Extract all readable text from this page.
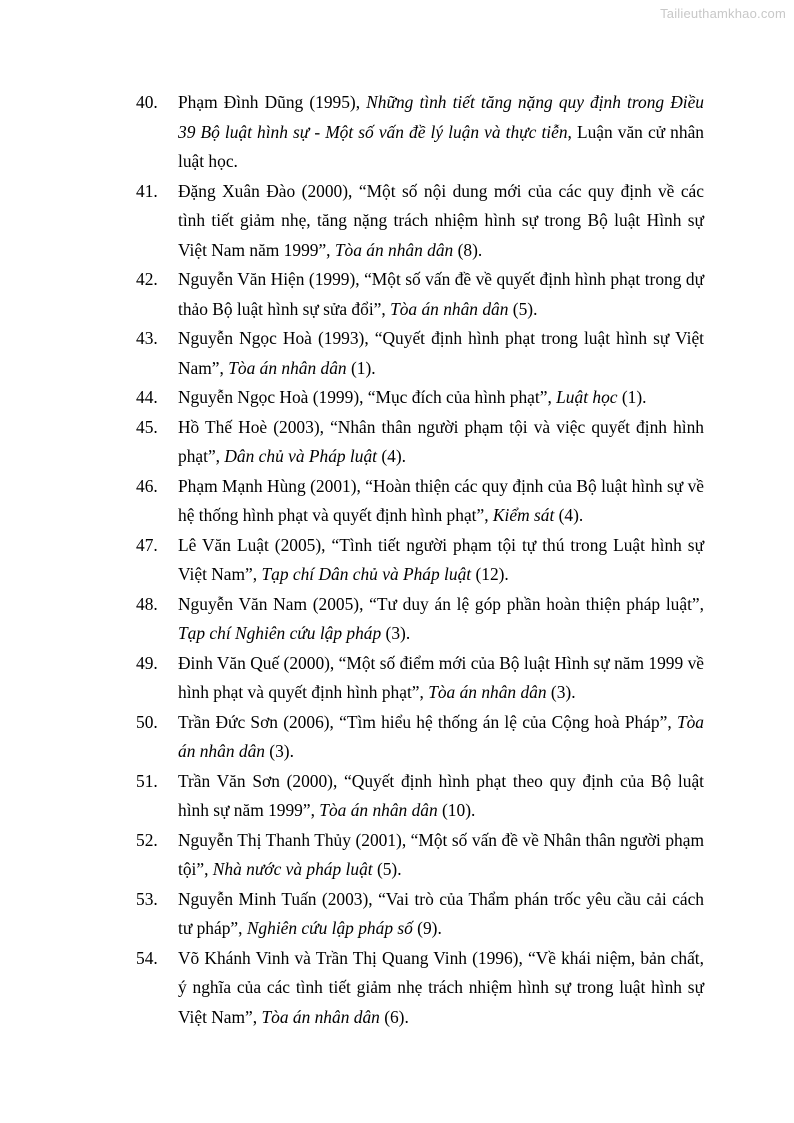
Tailieuthamkhao.com
40.	Phạm Đình Dũng (1995), Những tình tiết tăng nặng quy định trong Điều 39 Bộ luật hình sự - Một số vấn đề lý luận và thực tiễn, Luận văn cử nhân luật học.
41.	Đặng Xuân Đào (2000), “Một số nội dung mới của các quy định về các tình tiết giảm nhẹ, tăng nặng trách nhiệm hình sự trong Bộ luật Hình sự Việt Nam năm 1999”, Tòa án nhân dân (8).
42.	Nguyễn Văn Hiện (1999), “Một số vấn đề về quyết định hình phạt trong dự thảo Bộ luật hình sự sửa đổi”, Tòa án nhân dân (5).
43.	Nguyễn Ngọc Hoà (1993), “Quyết định hình phạt trong luật hình sự Việt Nam”, Tòa án nhân dân (1).
44.	Nguyễn Ngọc Hoà (1999), “Mục đích của hình phạt”, Luật học (1).
45.	Hồ Thế Hoè (2003), “Nhân thân người phạm tội và việc quyết định hình phạt”, Dân chủ và Pháp luật (4).
46.	Phạm Mạnh Hùng (2001), “Hoàn thiện các quy định của Bộ luật hình sự về hệ thống hình phạt và quyết định hình phạt”, Kiểm sát (4).
47.	Lê Văn Luật (2005), “Tình tiết người phạm tội tự thú trong Luật hình sự Việt Nam”, Tạp chí Dân chủ và Pháp luật (12).
48.	Nguyễn Văn Nam (2005), “Tư duy án lệ góp phần hoàn thiện pháp luật”, Tạp chí Nghiên cứu lập pháp (3).
49.	Đinh Văn Quế (2000), “Một số điểm mới của Bộ luật Hình sự năm 1999 về hình phạt và quyết định hình phạt”, Tòa án nhân dân (3).
50.	Trần Đức Sơn (2006), “Tìm hiểu hệ thống án lệ của Cộng hoà Pháp”, Tòa án nhân dân (3).
51.	Trần Văn Sơn (2000), “Quyết định hình phạt theo quy định của Bộ luật hình sự năm 1999”, Tòa án nhân dân (10).
52.	Nguyễn Thị Thanh Thủy (2001), “Một số vấn đề về Nhân thân người phạm tội”, Nhà nước và pháp luật (5).
53.	Nguyễn Minh Tuấn (2003), “Vai trò của Thẩm phán trốc yêu cầu cải cách tư pháp”, Nghiên cứu lập pháp số (9).
54.	Võ Khánh Vinh và Trần Thị Quang Vinh (1996), “Về khái niệm, bản chất, ý nghĩa của các tình tiết giảm nhẹ trách nhiệm hình sự trong luật hình sự Việt Nam”, Tòa án nhân dân (6).
